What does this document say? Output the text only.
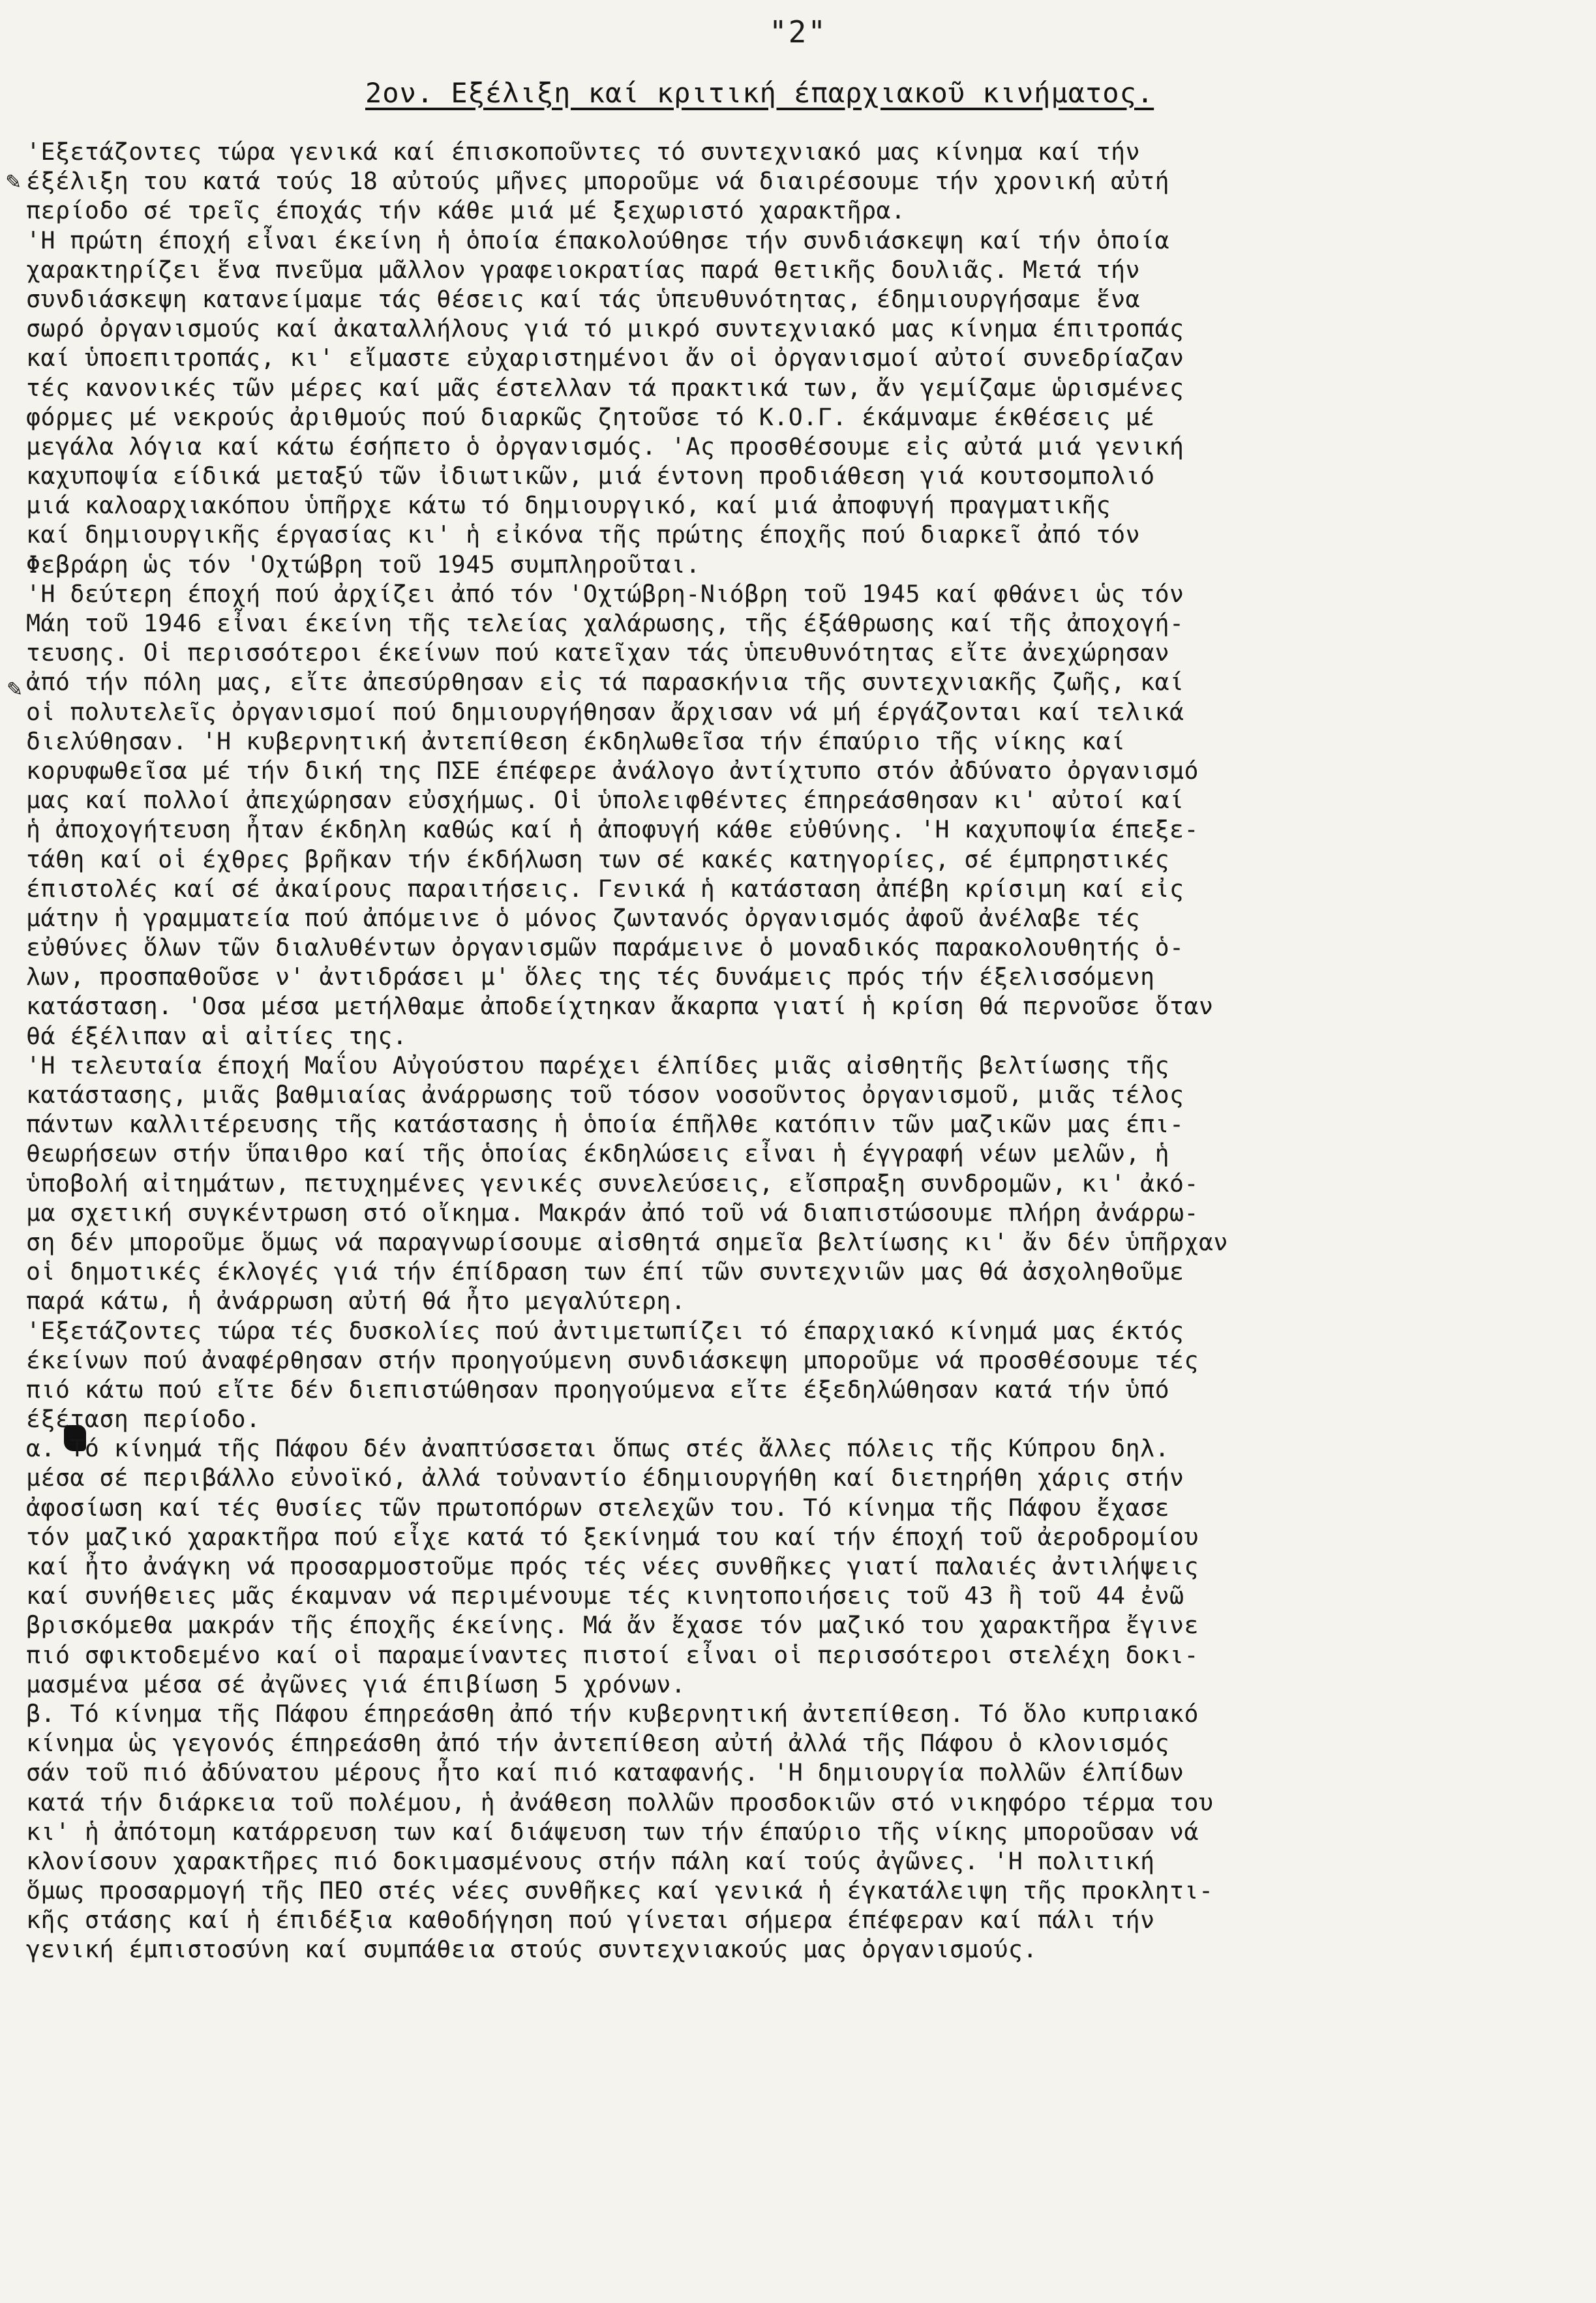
"2"
2ον. Εξέλιξη καί κριτική έπαρχιακοῦ κινήματος.
✎
✎
'Εξετάζοντες τώρα γενικά καί έπισκοποῦντες τό συντεχνιακό μας κίνημα καί τήν
έξέλιξη του κατά τούς 18 αὐτούς μῆνες μποροῦμε νά διαιρέσουμε τήν χρονική αὐτή
περίοδο σέ τρεῖς έποχάς τήν κάθε μιά μέ ξεχωριστό χαρακτῆρα.
'Η πρώτη έποχή εἶναι έκείνη ἡ ὁποία έπακολούθησε τήν συνδιάσκεψη καί τήν ὁποία
χαρακτηρίζει ἕνα πνεῦμα μᾶλλον γραφειοκρατίας παρά θετικῆς δουλιᾶς. Μετά τήν
συνδιάσκεψη κατανείμαμε τάς θέσεις καί τάς ὑπευθυνότητας, έδημιουργήσαμε ἕνα
σωρό ὀργανισμούς καί ἀκαταλλήλους γιά τό μικρό συντεχνιακό μας κίνημα έπιτροπάς
καί ὑποεπιτροπάς, κι' εἴμαστε εὐχαριστημένοι ἄν οἱ ὀργανισμοί αὐτοί συνεδρίαζαν
τές κανονικές τῶν μέρες καί μᾶς έστελλαν τά πρακτικά των, ἄν γεμίζαμε ὡρισμένες
φόρμες μέ νεκρούς ἀριθμούς πού διαρκῶς ζητοῦσε τό Κ.Ο.Γ. έκάμναμε έκθέσεις μέ
μεγάλα λόγια καί κάτω έσήπετο ὁ ὀργανισμός. 'Ας προσθέσουμε εἰς αὐτά μιά γενική
καχυποψία είδικά μεταξύ τῶν ἰδιωτικῶν, μιά έντονη προδιάθεση γιά κουτσομπολιό
μιά καλοαρχιακόπου ὑπῆρχε κάτω τό δημιουργικό, καί μιά ἀποφυγή πραγματικῆς
καί δημιουργικῆς έργασίας κι' ἡ εἰκόνα τῆς πρώτης έποχῆς πού διαρκεῖ ἀπό τόν
Φεβράρη ὡς τόν 'Οχτώβρη τοῦ 1945 συμπληροῦται.
'Η δεύτερη έποχή πού ἀρχίζει ἀπό τόν 'Οχτώβρη-Νιόβρη τοῦ 1945 καί φθάνει ὡς τόν
Μάη τοῦ 1946 εἶναι έκείνη τῆς τελείας χαλάρωσης, τῆς έξάθρωσης καί τῆς ἀποχογή-
τευσης. Οἱ περισσότεροι έκείνων πού κατεῖχαν τάς ὑπευθυνότητας εἴτε ἀνεχώρησαν
ἀπό τήν πόλη μας, εἴτε ἀπεσύρθησαν εἰς τά παρασκήνια τῆς συντεχνιακῆς ζωῆς, καί
οἱ πολυτελεῖς ὀργανισμοί πού δημιουργήθησαν ἄρχισαν νά μή έργάζονται καί τελικά
διελύθησαν. 'Η κυβερνητική ἀντεπίθεση έκδηλωθεῖσα τήν έπαύριο τῆς νίκης καί
κορυφωθεῖσα μέ τήν δική της ΠΣΕ έπέφερε ἀνάλογο ἀντίχτυπο στόν ἀδύνατο ὀργανισμό
μας καί πολλοί ἀπεχώρησαν εὐσχήμως. Οἱ ὑπολειφθέντες έπηρεάσθησαν κι' αὐτοί καί
ἡ ἀποχογήτευση ἦταν έκδηλη καθώς καί ἡ ἀποφυγή κάθε εὐθύνης. 'Η καχυποψία έπεξε-
τάθη καί οἱ έχθρες βρῆκαν τήν έκδήλωση των σέ κακές κατηγορίες, σέ έμπρηστικές
έπιστολές καί σέ ἀκαίρους παραιτήσεις. Γενικά ἡ κατάσταση ἀπέβη κρίσιμη καί εἰς
μάτην ἡ γραμματεία πού ἀπόμεινε ὁ μόνος ζωντανός ὀργανισμός ἀφοῦ ἀνέλαβε τές
εὐθύνες ὅλων τῶν διαλυθέντων ὀργανισμῶν παράμεινε ὁ μοναδικός παρακολουθητής ὁ-
λων, προσπαθοῦσε ν' ἀντιδράσει μ' ὅλες της τές δυνάμεις πρός τήν έξελισσόμενη
κατάσταση. 'Οσα μέσα μετήλθαμε ἀποδείχτηκαν ἄκαρπα γιατί ἡ κρίση θά περνοῦσε ὅταν
θά έξέλιπαν αἱ αἰτίες της.
'Η τελευταία έποχή Μαΐου Αὐγούστου παρέχει έλπίδες μιᾶς αἰσθητῆς βελτίωσης τῆς
κατάστασης, μιᾶς βαθμιαίας ἀνάρρωσης τοῦ τόσον νοσοῦντος ὀργανισμοῦ, μιᾶς τέλος
πάντων καλλιτέρευσης τῆς κατάστασης ἡ ὁποία έπῆλθε κατόπιν τῶν μαζικῶν μας έπι-
θεωρήσεων στήν ὕπαιθρο καί τῆς ὁποίας έκδηλώσεις εἶναι ἡ έγγραφή νέων μελῶν, ἡ
ὑποβολή αἰτημάτων, πετυχημένες γενικές συνελεύσεις, εἴσπραξη συνδρομῶν, κι' ἀκό-
μα σχετική συγκέντρωση στό οἴκημα. Μακράν ἀπό τοῦ νά διαπιστώσουμε πλήρη ἀνάρρω-
ση δέν μποροῦμε ὅμως νά παραγνωρίσουμε αἰσθητά σημεῖα βελτίωσης κι' ἄν δέν ὑπῆρχαν
οἱ δημοτικές έκλογές γιά τήν έπίδραση των έπί τῶν συντεχνιῶν μας θά ἀσχοληθοῦμε
παρά κάτω, ἡ ἀνάρρωση αὐτή θά ἦτο μεγαλύτερη.
'Εξετάζοντες τώρα τές δυσκολίες πού ἀντιμετωπίζει τό έπαρχιακό κίνημά μας έκτός
έκείνων πού ἀναφέρθησαν στήν προηγούμενη συνδιάσκεψη μποροῦμε νά προσθέσουμε τές
πιό κάτω πού εἴτε δέν διεπιστώθησαν προηγούμενα εἴτε έξεδηλώθησαν κατά τήν ὑπό
έξέταση περίοδο.
α. Τό κίνημά τῆς Πάφου δέν ἀναπτύσσεται ὅπως στές ἄλλες πόλεις τῆς Κύπρου δηλ.
μέσα σέ περιβάλλο εὐνοϊκό, ἀλλά τοὐναντίο έδημιουργήθη καί διετηρήθη χάρις στήν
ἀφοσίωση καί τές θυσίες τῶν πρωτοπόρων στελεχῶν του. Τό κίνημα τῆς Πάφου ἔχασε
τόν μαζικό χαρακτῆρα πού εἶχε κατά τό ξεκίνημά του καί τήν έποχή τοῦ ἀεροδρομίου
καί ἦτο ἀνάγκη νά προσαρμοστοῦμε πρός τές νέες συνθῆκες γιατί παλαιές ἀντιλήψεις
καί συνήθειες μᾶς έκαμναν νά περιμένουμε τές κινητοποιήσεις τοῦ 43 ἢ τοῦ 44 ἐνῶ
βρισκόμεθα μακράν τῆς έποχῆς έκείνης. Μά ἄν ἔχασε τόν μαζικό του χαρακτῆρα ἔγινε
πιό σφικτοδεμένο καί οἱ παραμείναντες πιστοί εἶναι οἱ περισσότεροι στελέχη δοκι-
μασμένα μέσα σέ ἀγῶνες γιά έπιβίωση 5 χρόνων.
β. Τό κίνημα τῆς Πάφου έπηρεάσθη ἀπό τήν κυβερνητική ἀντεπίθεση. Τό ὅλο κυπριακό
κίνημα ὡς γεγονός έπηρεάσθη ἀπό τήν ἀντεπίθεση αὐτή ἀλλά τῆς Πάφου ὁ κλονισμός
σάν τοῦ πιό ἀδύνατου μέρους ἦτο καί πιό καταφανής. 'Η δημιουργία πολλῶν έλπίδων
κατά τήν διάρκεια τοῦ πολέμου, ἡ ἀνάθεση πολλῶν προσδοκιῶν στό νικηφόρο τέρμα του
κι' ἡ ἀπότομη κατάρρευση των καί διάψευση των τήν έπαύριο τῆς νίκης μποροῦσαν νά
κλονίσουν χαρακτῆρες πιό δοκιμασμένους στήν πάλη καί τούς ἀγῶνες. 'Η πολιτική
ὅμως προσαρμογή τῆς ΠΕΟ στές νέες συνθῆκες καί γενικά ἡ έγκατάλειψη τῆς προκλητι-
κῆς στάσης καί ἡ έπιδέξια καθοδήγηση πού γίνεται σήμερα έπέφεραν καί πάλι τήν
γενική έμπιστοσύνη καί συμπάθεια στούς συντεχνιακούς μας ὀργανισμούς.
